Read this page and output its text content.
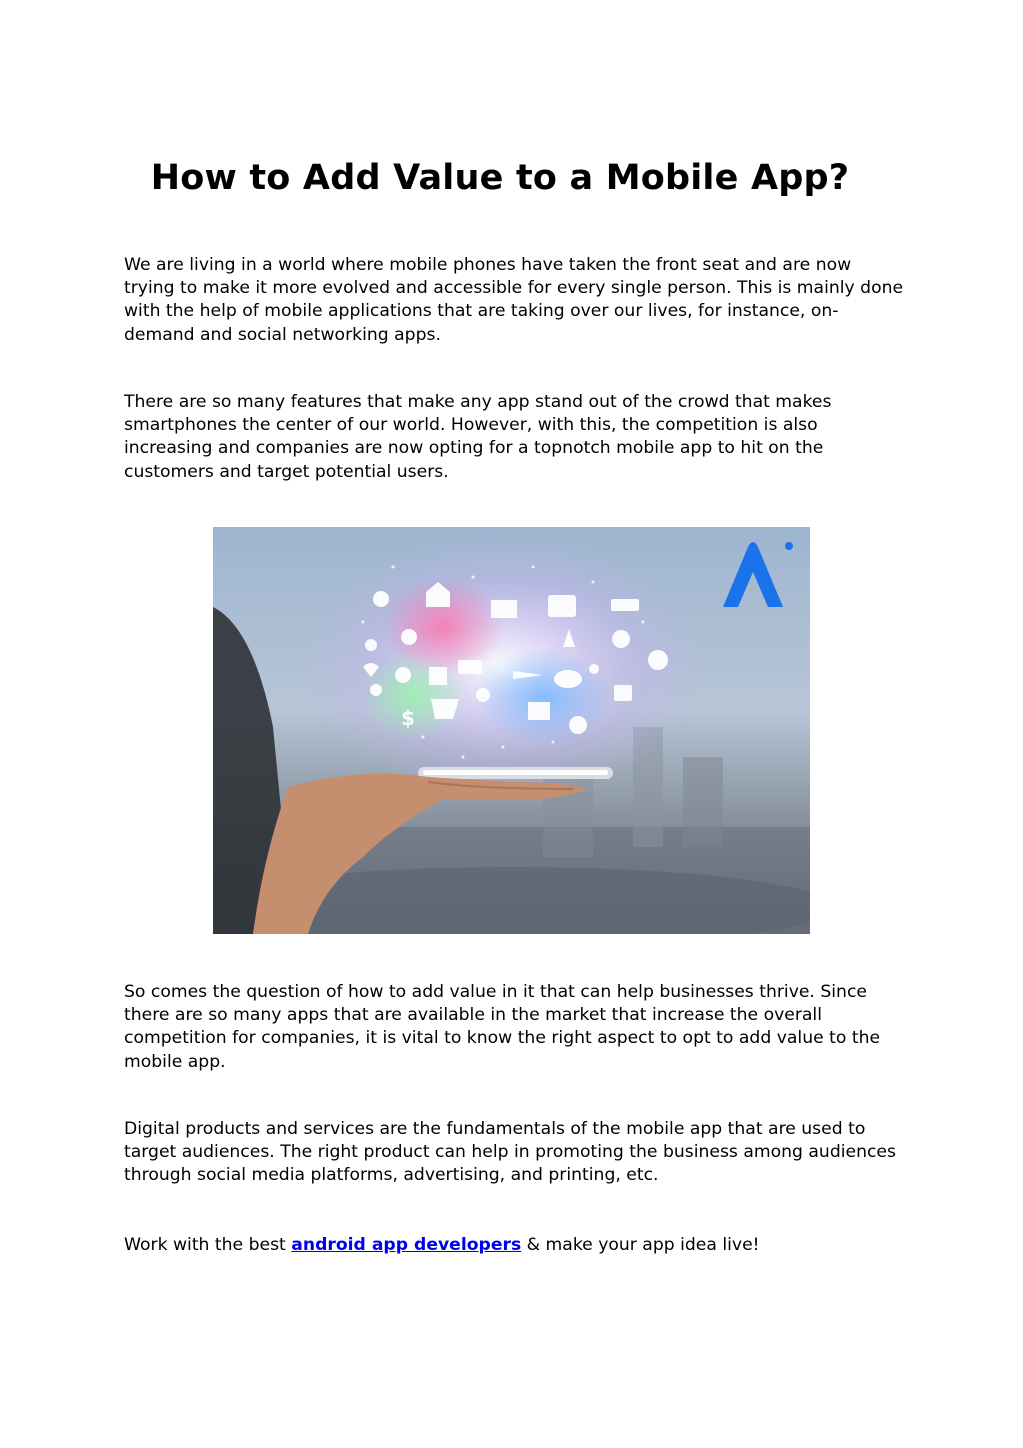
How to Add Value to a Mobile App?

We are living in a world where mobile phones have taken the front seat and are now trying to make it more evolved and accessible for every single person. This is mainly done with the help of mobile applications that are taking over our lives, for instance, on-demand and social networking apps.

There are so many features that make any app stand out of the crowd that makes smartphones the center of our world. However, with this, the competition is also increasing and companies are now opting for a topnotch mobile app to hit on the customers and target potential users.

$

So comes the question of how to add value in it that can help businesses thrive. Since there are so many apps that are available in the market that increase the overall competition for companies, it is vital to know the right aspect to opt to add value to the mobile app.

Digital products and services are the fundamentals of the mobile app that are used to target audiences. The right product can help in promoting the business among audiences through social media platforms, advertising, and printing, etc.

Work with the best android app developers & make your app idea live!
